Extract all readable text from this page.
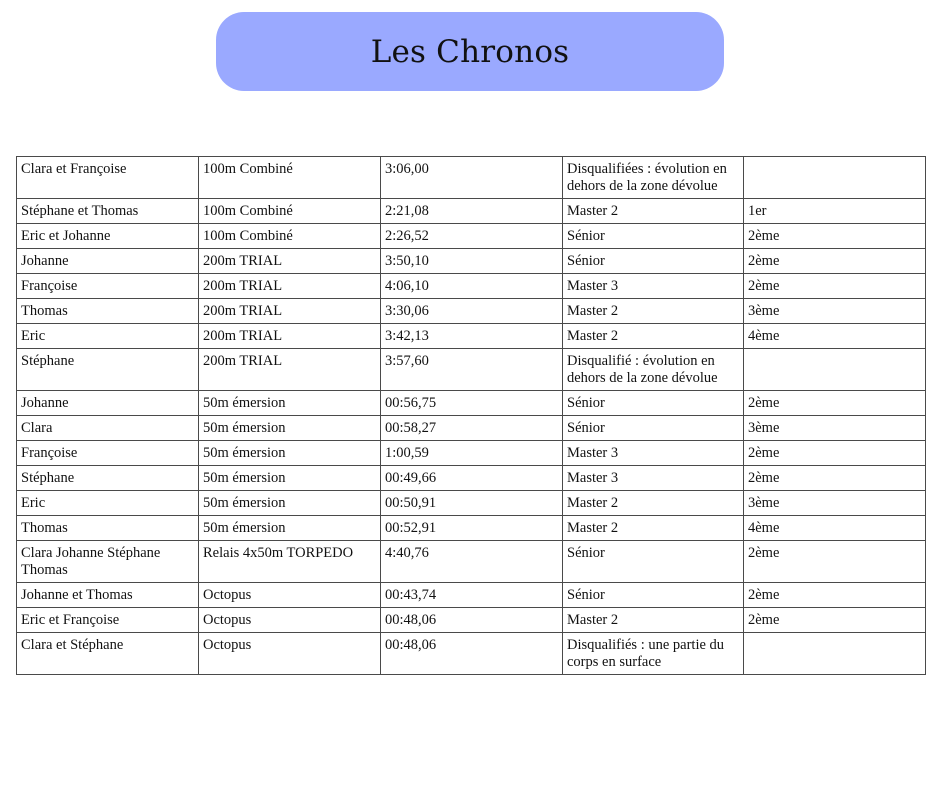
Les Chronos
Clara et Françoise	100m Combiné	3:06,00	Disqualifiées : évolution en dehors de la zone dévolue	
Stéphane et Thomas	100m Combiné	2:21,08	Master 2	1er
Eric et Johanne	100m Combiné	2:26,52	Sénior	2ème
Johanne	200m TRIAL	3:50,10	Sénior	2ème
Françoise	200m TRIAL	4:06,10	Master 3	2ème
Thomas	200m TRIAL	3:30,06	Master 2	3ème
Eric	200m TRIAL	3:42,13	Master 2	4ème
Stéphane	200m TRIAL	3:57,60	Disqualifié : évolution en dehors de la zone dévolue	
Johanne	50m émersion	00:56,75	Sénior	2ème
Clara	50m émersion	00:58,27	Sénior	3ème
Françoise	50m émersion	1:00,59	Master 3	2ème
Stéphane	50m émersion	00:49,66	Master 3	2ème
Eric	50m émersion	00:50,91	Master 2	3ème
Thomas	50m émersion	00:52,91	Master 2	4ème
Clara Johanne Stéphane Thomas	Relais 4x50m TORPEDO	4:40,76	Sénior	2ème
Johanne et Thomas	Octopus	00:43,74	Sénior	2ème
Eric et Françoise	Octopus	00:48,06	Master 2	2ème
Clara et Stéphane	Octopus	00:48,06	Disqualifiés : une partie du corps en surface	
